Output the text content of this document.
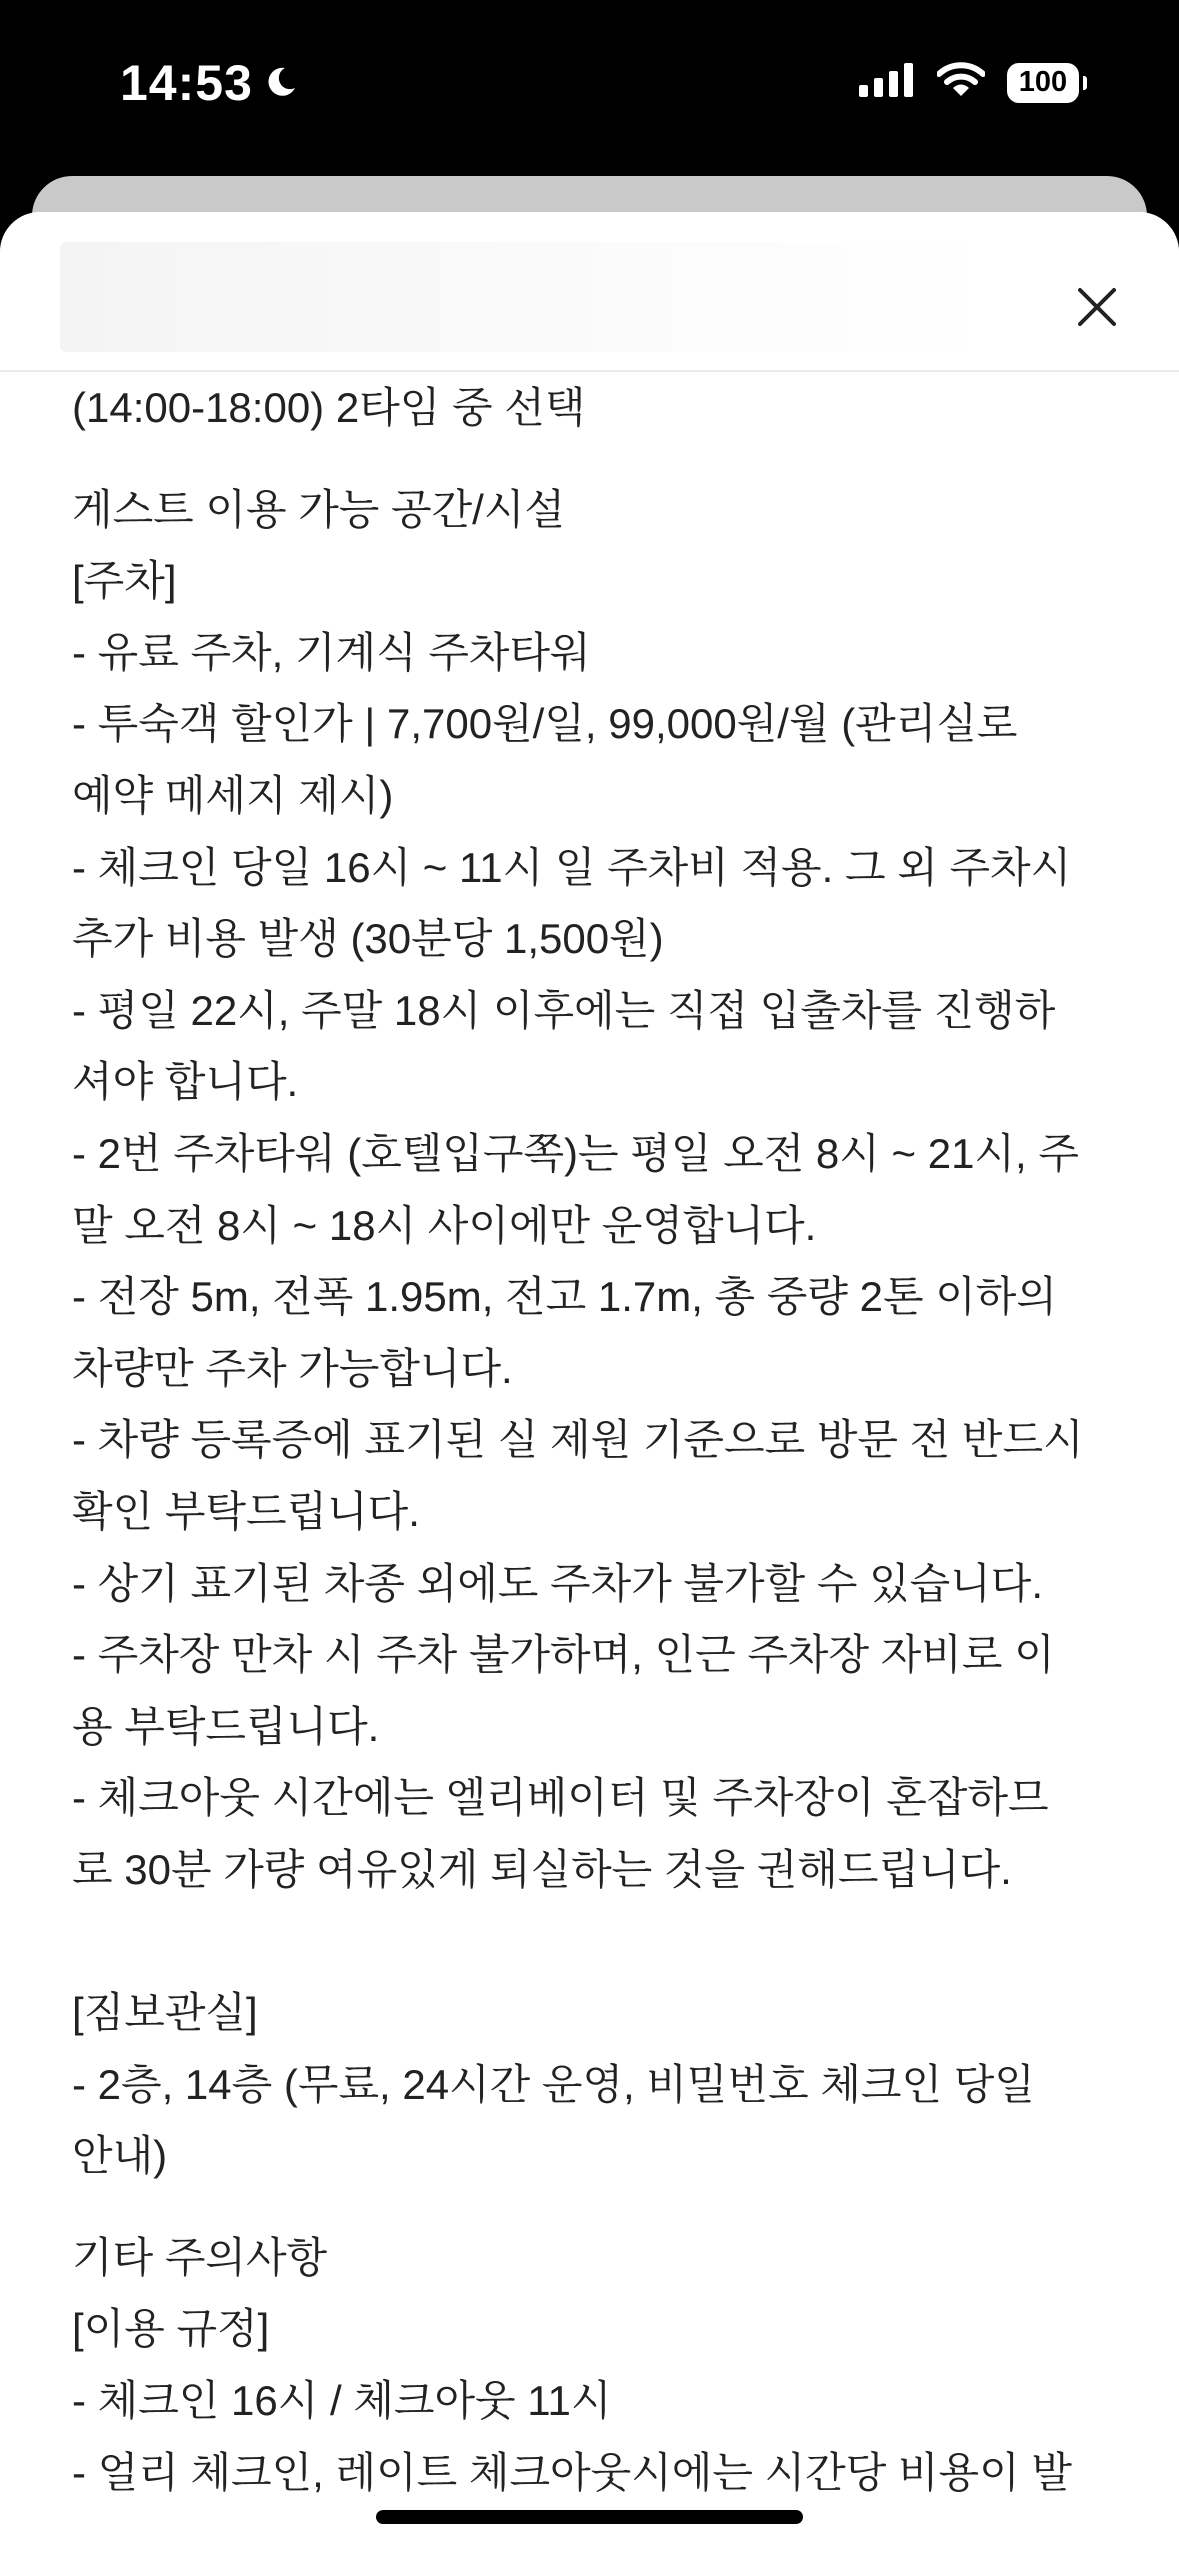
14:53	100

(14:00-18:00) 2타임 중 선택

게스트 이용 가능 공간/시설

[주차]

- 유료 주차, 기계식 주차타워

- 투숙객 할인가 | 7,700원/일, 99,000원/월 (관리실로

예약 메세지 제시)

- 체크인 당일 16시 ~ 11시 일 주차비 적용. 그 외 주차시

추가 비용 발생 (30분당 1,500원)

- 평일 22시, 주말 18시 이후에는 직접 입출차를 진행하

셔야 합니다.

- 2번 주차타워 (호텔입구쪽)는 평일 오전 8시 ~ 21시, 주

말 오전 8시 ~ 18시 사이에만 운영합니다.

- 전장 5m, 전폭 1.95m, 전고 1.7m, 총 중량 2톤 이하의

차량만 주차 가능합니다.

- 차량 등록증에 표기된 실 제원 기준으로 방문 전 반드시

확인 부탁드립니다.

- 상기 표기된 차종 외에도 주차가 불가할 수 있습니다.

- 주차장 만차 시 주차 불가하며, 인근 주차장 자비로 이

용 부탁드립니다.

- 체크아웃 시간에는 엘리베이터 및 주차장이 혼잡하므

로 30분 가량 여유있게 퇴실하는 것을 권해드립니다.

[짐보관실]

- 2층, 14층 (무료, 24시간 운영, 비밀번호 체크인 당일

안내)

기타 주의사항

[이용 규정]

- 체크인 16시 / 체크아웃 11시

- 얼리 체크인, 레이트 체크아웃시에는 시간당 비용이 발
